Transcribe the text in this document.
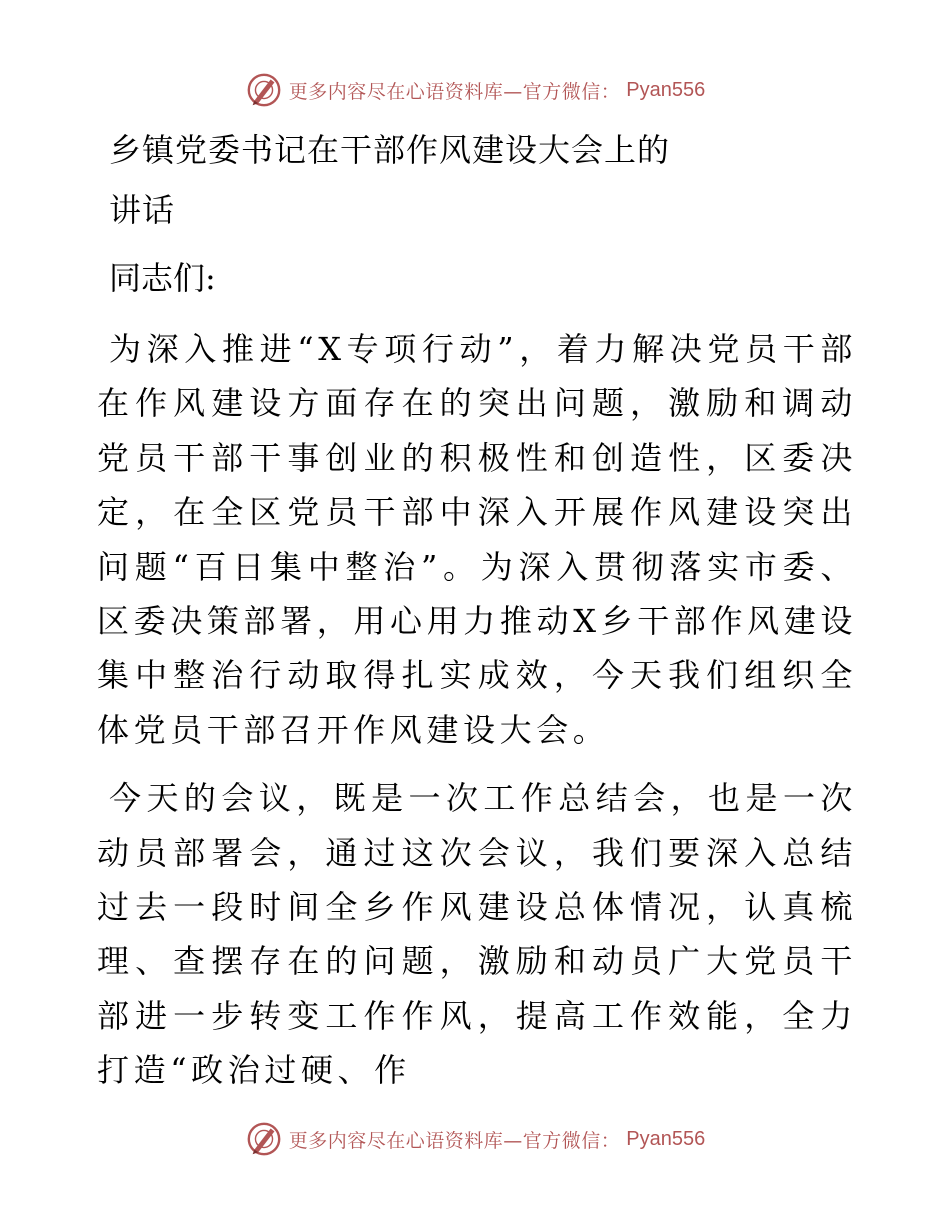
更多内容尽在心语资料库—官方微信： Pyan556
乡镇党委书记在干部作风建设大会上的
讲话
同志们:

为深入推进“X专项行动”，着力解决党员干部在作风建设方面存在的突出问题，激励和调动党员干部干事创业的积极性和创造性，区委决定，在全区党员干部中深入开展作风建设突出问题“百日集中整治”。为深入贯彻落实市委、区委决策部署，用心用力推动X乡干部作风建设集中整治行动取得扎实成效，今天我们组织全体党员干部召开作风建设大会。

今天的会议，既是一次工作总结会，也是一次动员部署会，通过这次会议，我们要深入总结过去一段时间全乡作风建设总体情况，认真梳理、查摆存在的问题，激励和动员广大党员干部进一步转变工作作风，提高工作效能，全力打造“政治过硬、作

更多内容尽在心语资料库—官方微信： Pyan556
